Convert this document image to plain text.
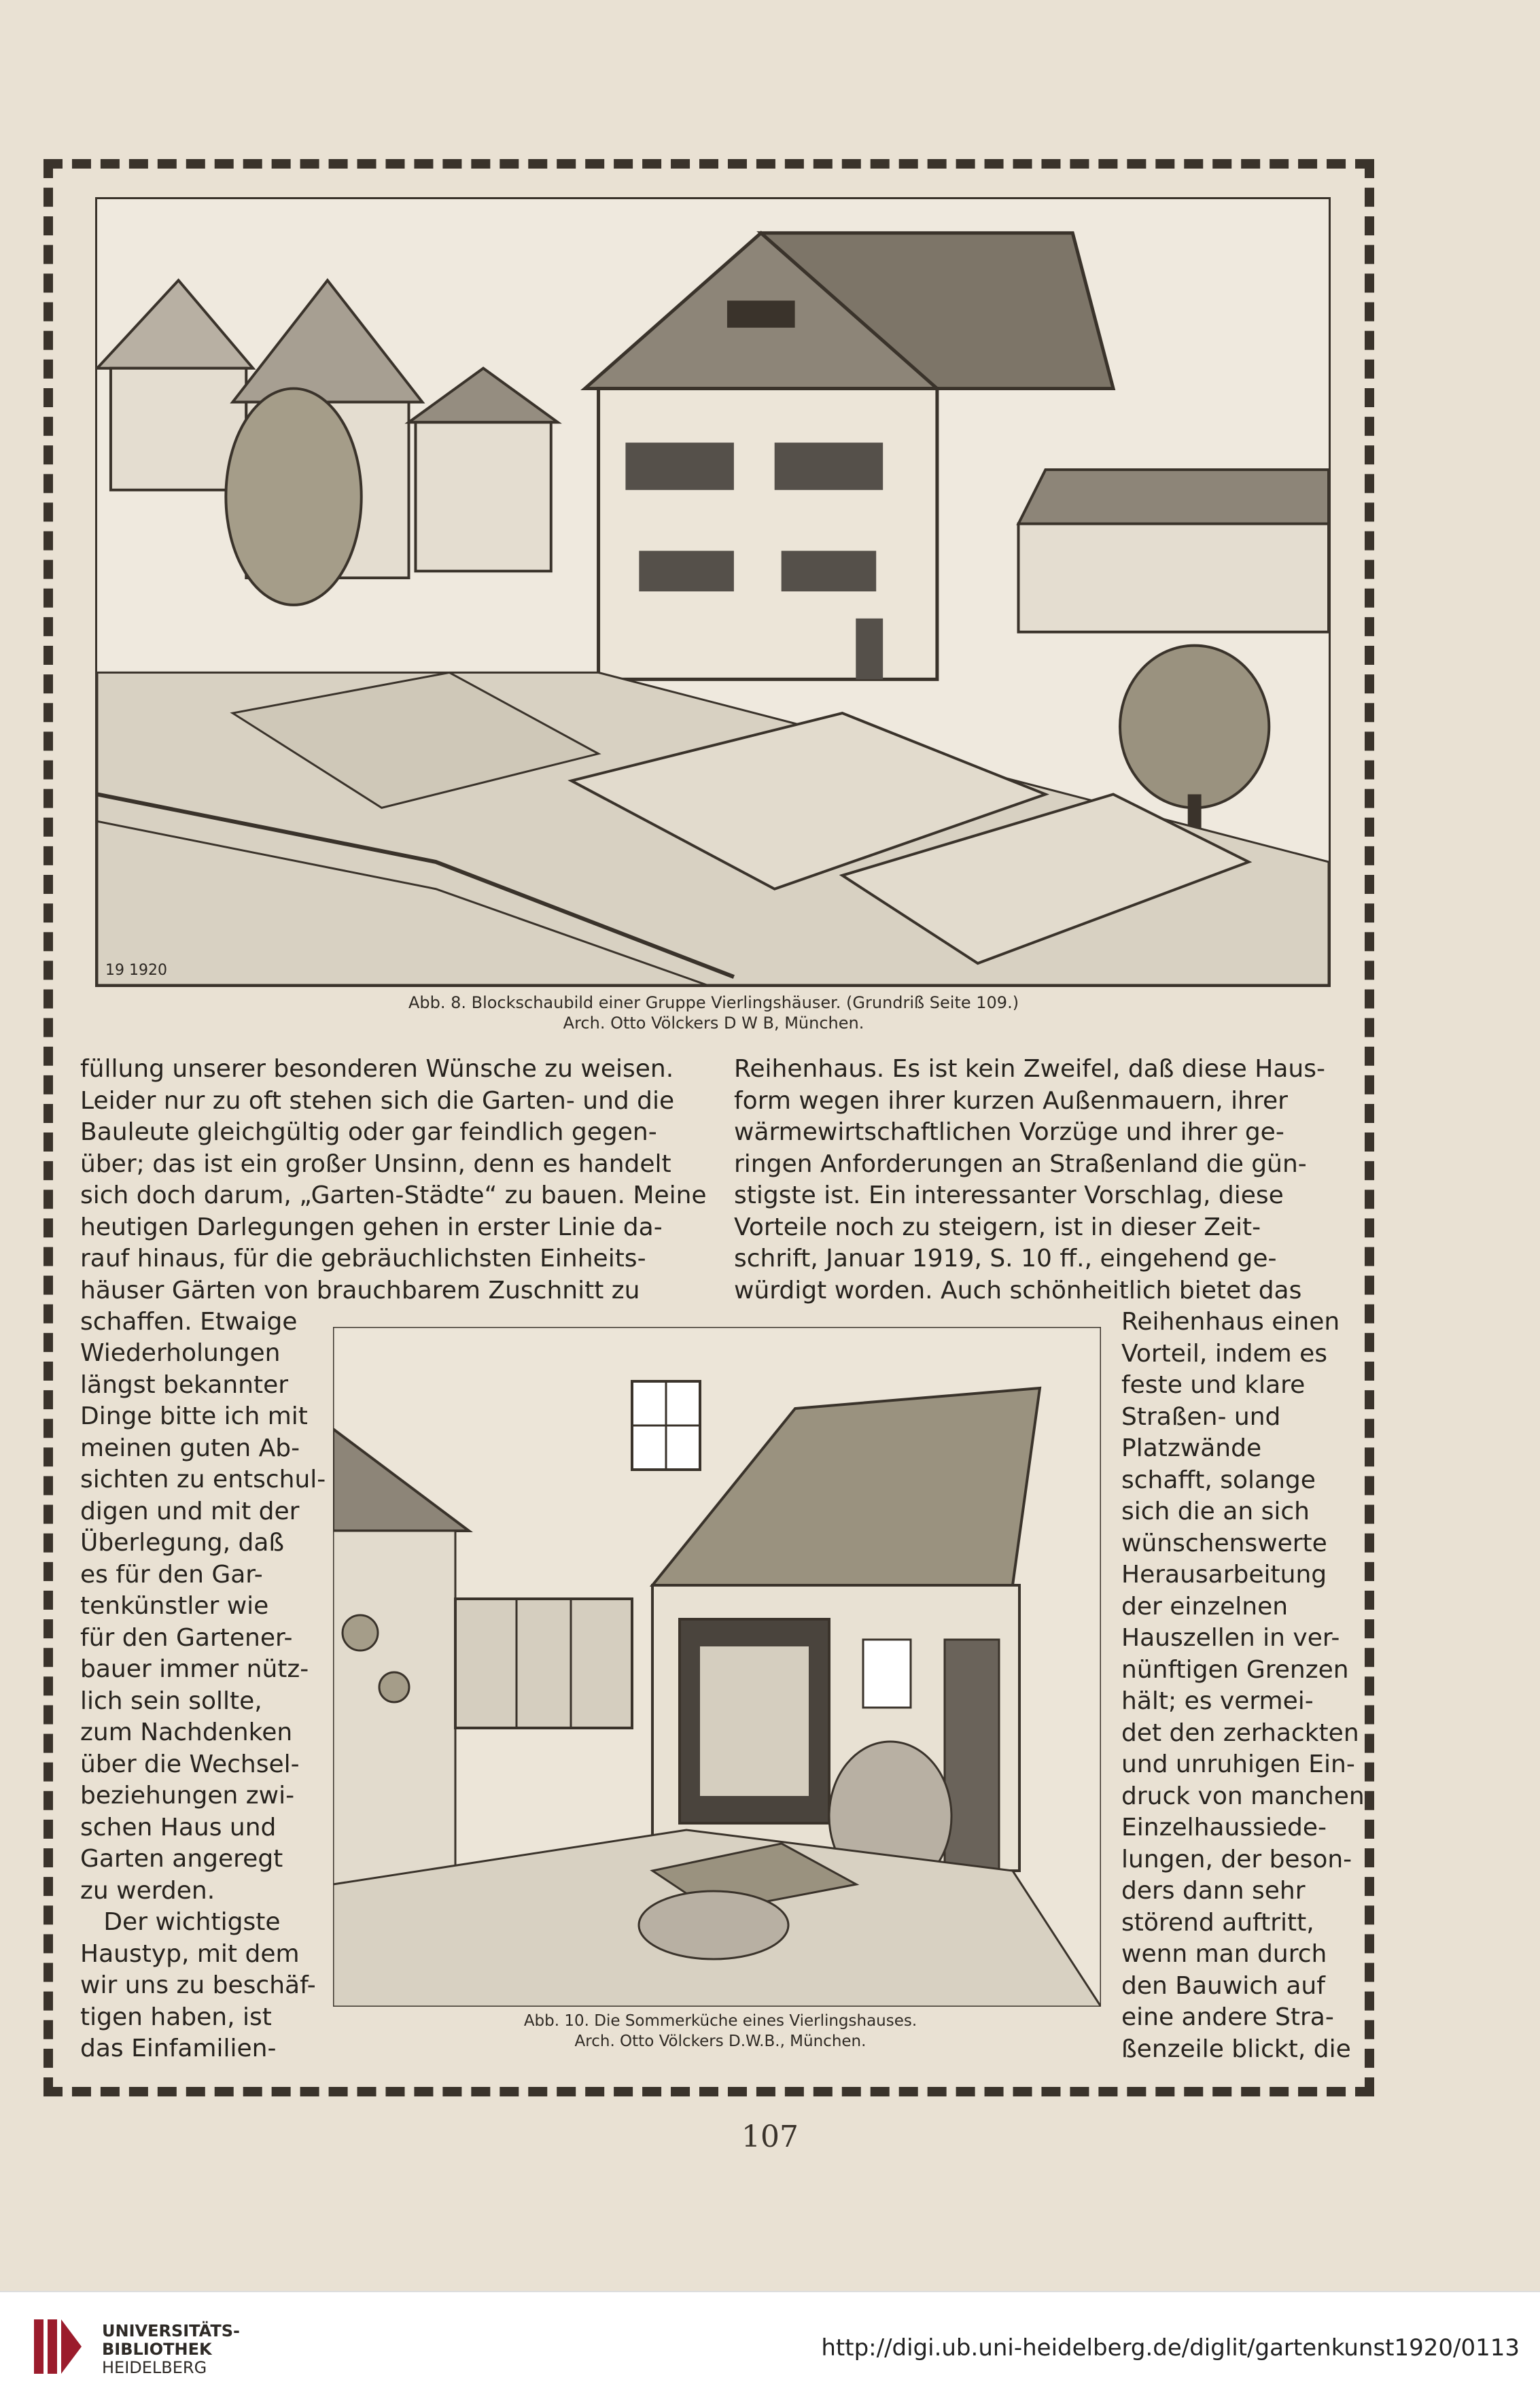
19 1920
Abb. 8. Blockschaubild einer Gruppe Vierlingshäuser. (Grundriß Seite 109.)
Arch. Otto Völckers D W B, München.

füllung unserer besonderen Wünsche zu weisen.

Leider nur zu oft stehen sich die Garten- und die

Bauleute gleichgültig oder gar feindlich gegen-

über; das ist ein großer Unsinn, denn es handelt

sich doch darum, „Garten-Städte“ zu bauen. Meine

heutigen Darlegungen gehen in erster Linie da-

rauf hinaus, für die gebräuchlichsten Einheits-

häuser Gärten von brauchbarem Zuschnitt zu

schaffen. Etwaige

Wiederholungen

längst bekannter

Dinge bitte ich mit

meinen guten Ab-

sichten zu entschul-

digen und mit der

Überlegung, daß

es für den Gar-

tenkünstler wie

für den Gartener-

bauer immer nütz-

lich sein sollte,

zum Nachdenken

über die Wechsel-

beziehungen zwi-

schen Haus und

Garten angeregt

zu werden.

Der wichtigste

Haustyp, mit dem

wir uns zu beschäf-

tigen haben, ist

das Einfamilien-

Reihenhaus. Es ist kein Zweifel, daß diese Haus-

form wegen ihrer kurzen Außenmauern, ihrer

wärmewirtschaftlichen Vorzüge und ihrer ge-

ringen Anforderungen an Straßenland die gün-

stigste ist. Ein interessanter Vorschlag, diese

Vorteile noch zu steigern, ist in dieser Zeit-

schrift, Januar 1919, S. 10 ff., eingehend ge-

würdigt worden. Auch schönheitlich bietet das

Reihenhaus einen

Vorteil, indem es

feste und klare

Straßen- und

Platzwände

schafft, solange

sich die an sich

wünschenswerte

Herausarbeitung

der einzelnen

Hauszellen in ver-

nünftigen Grenzen

hält; es vermei-

det den zerhackten

und unruhigen Ein-

druck von manchen

Einzelhaussiede-

lungen, der beson-

ders dann sehr

störend auftritt,

wenn man durch

den Bauwich auf

eine andere Stra-

ßenzeile blickt, die

Abb. 10. Die Sommerküche eines Vierlingshauses.
Arch. Otto Völckers D.W.B., München.
107
UNIVERSITÄTS-
BIBLIOTHEK
HEIDELBERG
http://digi.ub.uni-heidelberg.de/diglit/gartenkunst1920/0113
